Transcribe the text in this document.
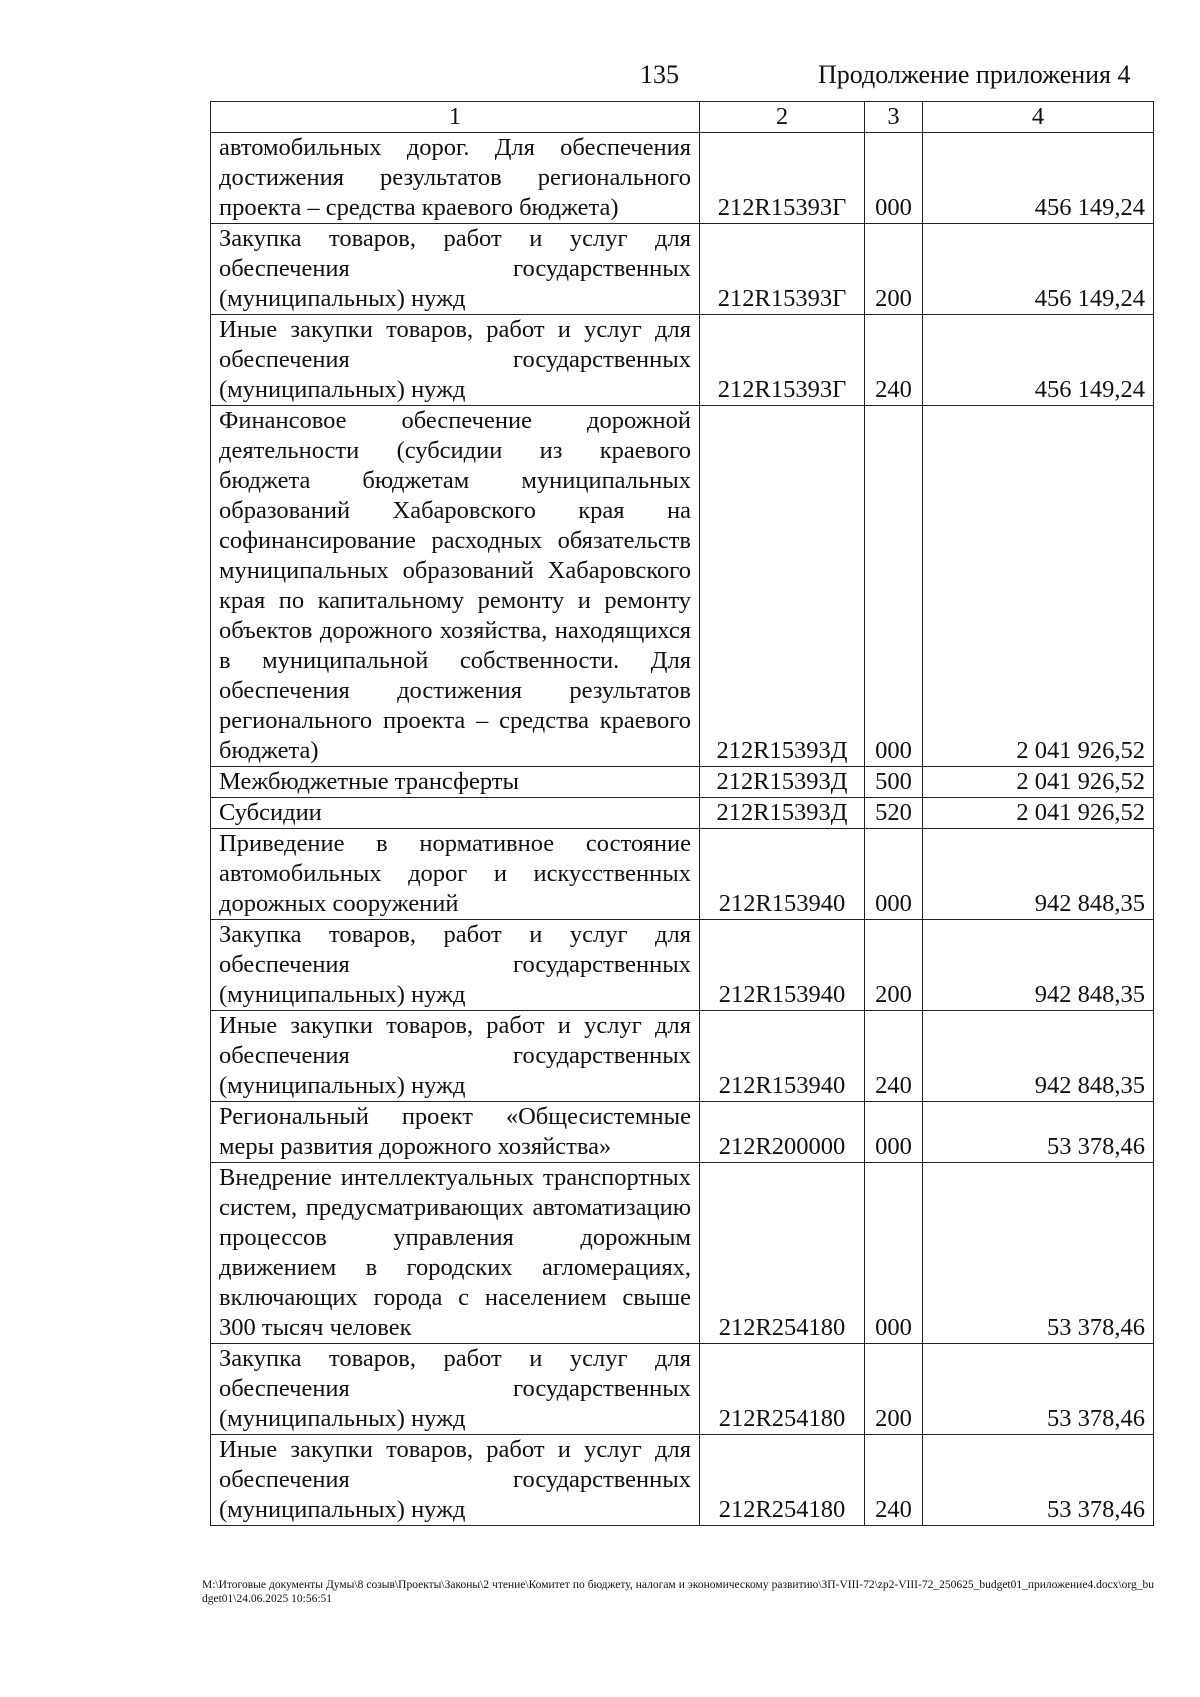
135	Продолжение приложения 4
1	2	3	4
автомобильных дорог. Для обеспечения достижения результатов регионального проекта – средства краевого бюджета)	212R15393Г	000	456 149,24
Закупка товаров, работ и услуг для обеспечения государственных (муниципальных) нужд	212R15393Г	200	456 149,24
Иные закупки товаров, работ и услуг для обеспечения государственных (муниципальных) нужд	212R15393Г	240	456 149,24
Финансовое обеспечение дорожной деятельности (субсидии из краевого бюджета бюджетам муниципальных образований Хабаровского края на софинансирование расходных обязательств муниципальных образований Хабаровского края по капитальному ремонту и ремонту объектов дорожного хозяйства, находящихся в муниципальной собственности. Для обеспечения достижения результатов регионального проекта – средства краевого бюджета)	212R15393Д	000	2 041 926,52
Межбюджетные трансферты	212R15393Д	500	2 041 926,52
Субсидии	212R15393Д	520	2 041 926,52
Приведение в нормативное состояние автомобильных дорог и искусственных дорожных сооружений	212R153940	000	942 848,35
Закупка товаров, работ и услуг для обеспечения государственных (муниципальных) нужд	212R153940	200	942 848,35
Иные закупки товаров, работ и услуг для обеспечения государственных (муниципальных) нужд	212R153940	240	942 848,35
Региональный проект «Общесистемные меры развития дорожного хозяйства»	212R200000	000	53 378,46
Внедрение интеллектуальных транспортных систем, предусматривающих автоматизацию процессов управления дорожным движением в городских агломерациях, включающих города с населением свыше 300 тысяч человек	212R254180	000	53 378,46
Закупка товаров, работ и услуг для обеспечения государственных (муниципальных) нужд	212R254180	200	53 378,46
Иные закупки товаров, работ и услуг для обеспечения государственных (муниципальных) нужд	212R254180	240	53 378,46
M:\Итоговые документы Думы\8 созыв\Проекты\Законы\2 чтение\Комитет по бюджету, налогам и экономическому развитию\ЗП-VIII-72\zp2-VIII-72_250625_budget01_приложение4.docx\org_budget01\24.06.2025 10:56:51
